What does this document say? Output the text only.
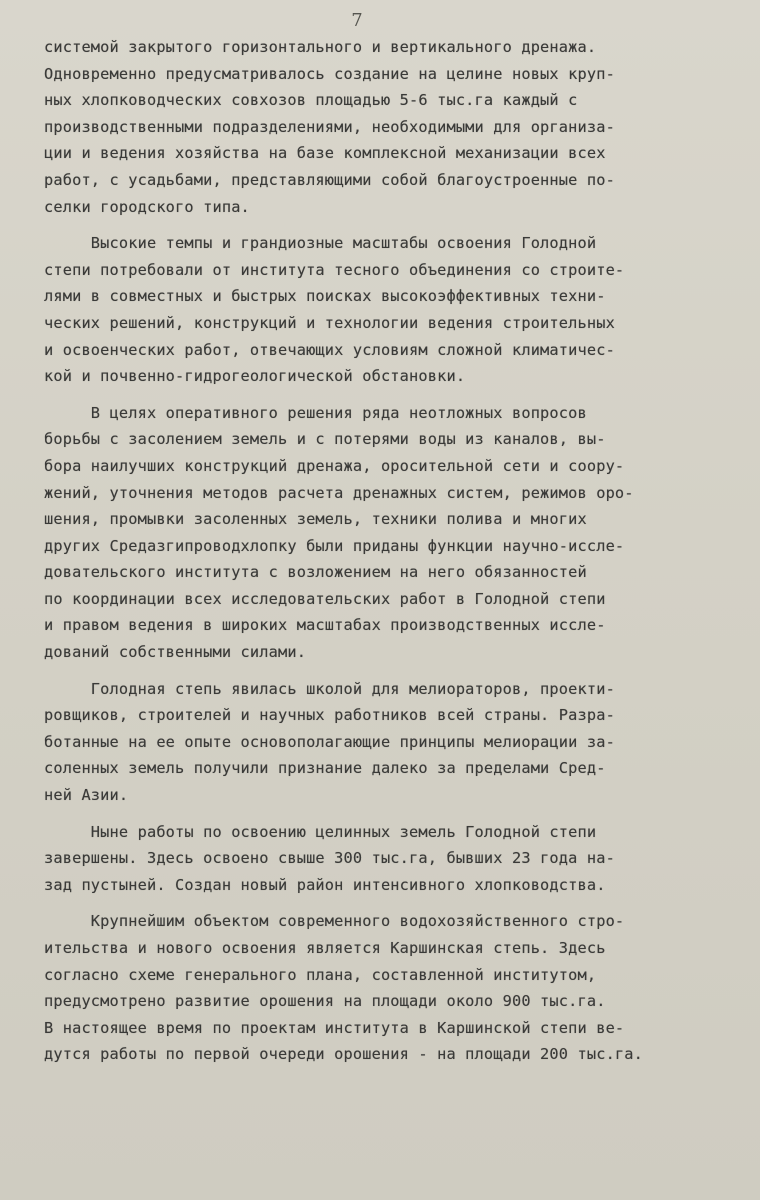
7
системой закрытого горизонтального и вертикального дренажа.
Одновременно предусматривалось создание на целине новых круп-
ных хлопководческих совхозов площадью 5-6 тыс.га каждый с
производственными подразделениями, необходимыми для организа-
ции и ведения хозяйства на базе комплексной механизации всех
работ, с усадьбами, представляющими собой благоустроенные по-
селки городского типа.
Высокие темпы и грандиозные масштабы освоения Голодной
степи потребовали от института тесного объединения со строите-
лями в совместных и быстрых поисках высокоэффективных техни-
ческих решений, конструкций и технологии ведения строительных
и освоенческих работ, отвечающих условиям сложной климатичес-
кой и почвенно-гидрогеологической обстановки.
В целях оперативного решения ряда неотложных вопросов
борьбы с засолением земель и с потерями воды из каналов, вы-
бора наилучших конструкций дренажа, оросительной сети и соору-
жений, уточнения методов расчета дренажных систем, режимов оро-
шения, промывки засоленных земель, техники полива и многих
других Средазгипроводхлопку были приданы функции научно-иссле-
довательского института с возложением на него обязанностей
по координации всех исследовательских работ в Голодной степи
и правом ведения в широких масштабах производственных иссле-
дований собственными силами.
Голодная степь явилась школой для мелиораторов, проекти-
ровщиков, строителей и научных работников всей страны. Разра-
ботанные на ее опыте основополагающие принципы мелиорации за-
соленных земель получили признание далеко за пределами Сред-
ней Азии.
Ныне работы по освоению целинных земель Голодной степи
завершены. Здесь освоено свыше 300 тыс.га, бывших 23 года на-
зад пустыней. Создан новый район интенсивного хлопководства.
Крупнейшим объектом современного водохозяйственного стро-
ительства и нового освоения является Каршинская степь. Здесь
согласно схеме генерального плана, составленной институтом,
предусмотрено развитие орошения на площади около 900 тыс.га.
В настоящее время по проектам института в Каршинской степи ве-
дутся работы по первой очереди орошения - на площади 200 тыс.га.
